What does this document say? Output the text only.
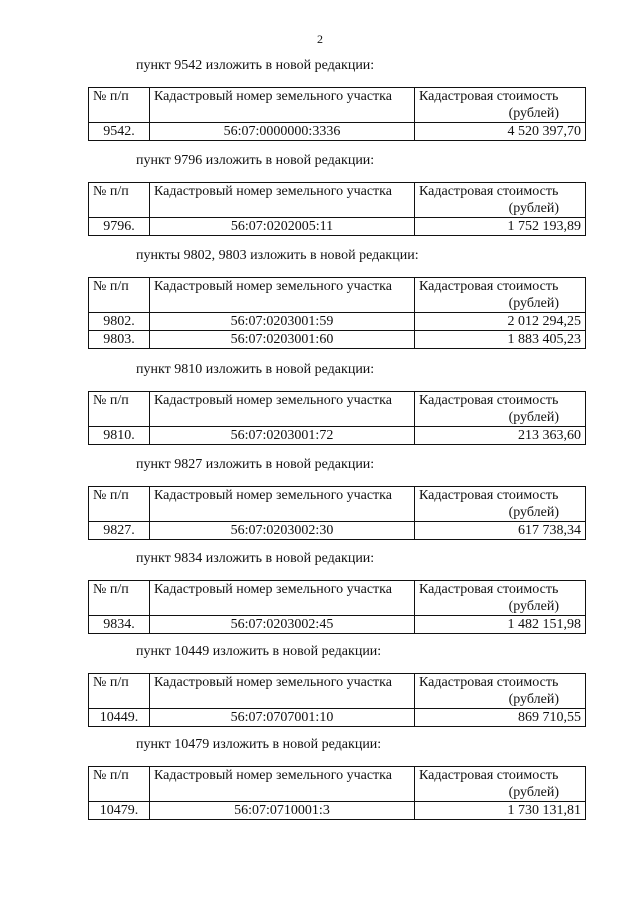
2
пункт 9542 изложить в новой редакции:
№ п/п	Кадастровый номер земельного участка	Кадастровая стоимость
(рублей)

9542.	56:07:0000000:3336	4 520 397,70
пункт 9796 изложить в новой редакции:
№ п/п	Кадастровый номер земельного участка	Кадастровая стоимость
(рублей)

9796.	56:07:0202005:11	1 752 193,89
пункты 9802, 9803 изложить в новой редакции:
№ п/п	Кадастровый номер земельного участка	Кадастровая стоимость
(рублей)

9802.	56:07:0203001:59	2 012 294,25
9803.	56:07:0203001:60	1 883 405,23
пункт 9810 изложить в новой редакции:
№ п/п	Кадастровый номер земельного участка	Кадастровая стоимость
(рублей)

9810.	56:07:0203001:72	213 363,60
пункт 9827 изложить в новой редакции:
№ п/п	Кадастровый номер земельного участка	Кадастровая стоимость
(рублей)

9827.	56:07:0203002:30	617 738,34
пункт 9834 изложить в новой редакции:
№ п/п	Кадастровый номер земельного участка	Кадастровая стоимость
(рублей)

9834.	56:07:0203002:45	1 482 151,98
пункт 10449 изложить в новой редакции:
№ п/п	Кадастровый номер земельного участка	Кадастровая стоимость
(рублей)

10449.	56:07:0707001:10	869 710,55
пункт 10479 изложить в новой редакции:
№ п/п	Кадастровый номер земельного участка	Кадастровая стоимость
(рублей)

10479.	56:07:0710001:3	1 730 131,81
